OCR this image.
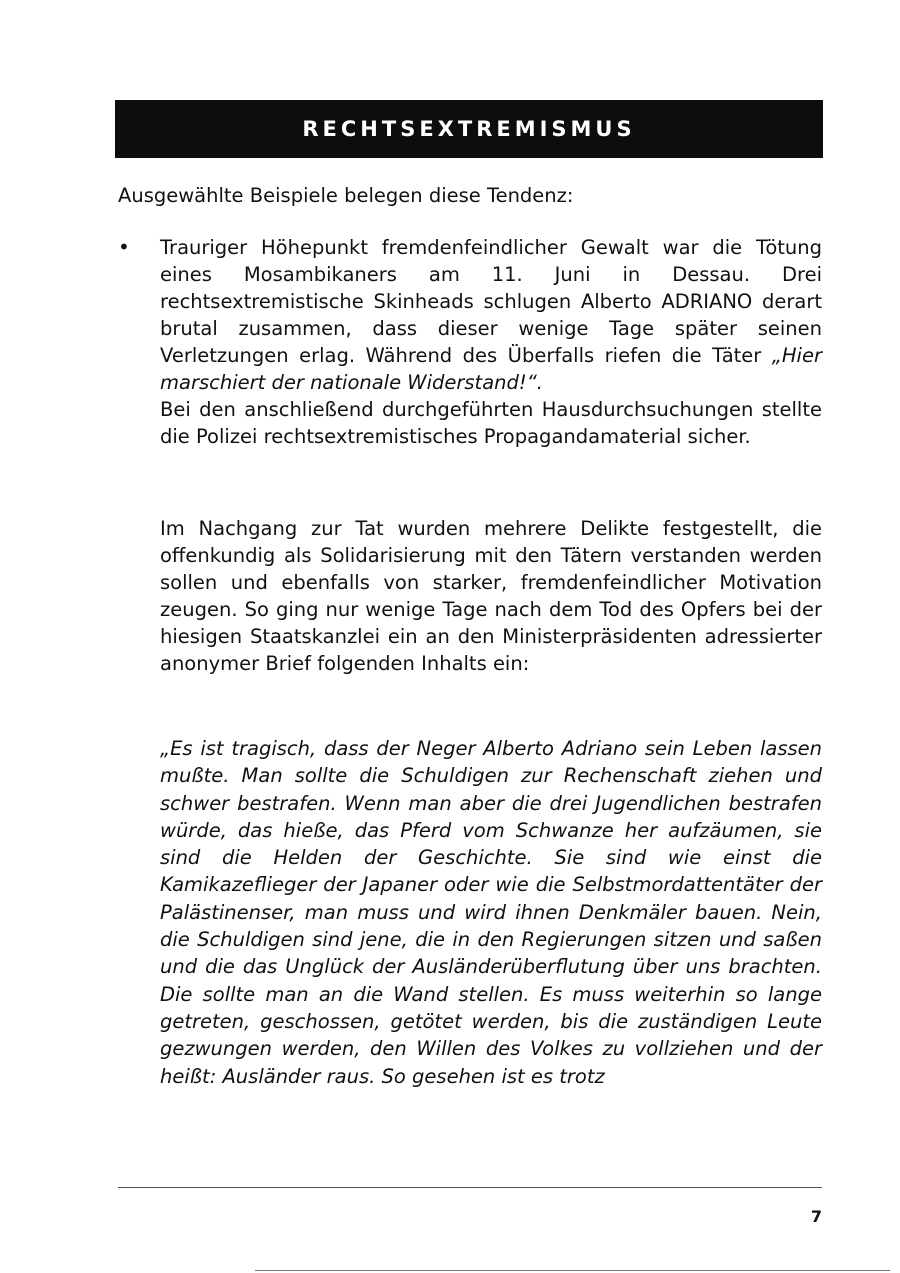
RECHTSEXTREMISMUS
Ausgewählte Beispiele belegen diese Tendenz:
• Trauriger Höhepunkt fremdenfeindlicher Gewalt war die Tötung eines Mosambikaners am 11. Juni in Dessau. Drei rechtsextremistische Skinheads schlugen Alberto ADRIANO derart brutal zusammen, dass dieser wenige Tage später seinen Verletzungen erlag. Während des Überfalls riefen die Täter „Hier marschiert der nationale Widerstand!“.

Bei den anschließend durchgeführten Hausdurchsuchungen stellte die Polizei rechtsextremistisches Propagandamaterial sicher.

Im Nachgang zur Tat wurden mehrere Delikte festgestellt, die offenkundig als Solidarisierung mit den Tätern verstanden werden sollen und ebenfalls von starker, fremdenfeindlicher Motivation zeugen. So ging nur wenige Tage nach dem Tod des Opfers bei der hiesigen Staatskanzlei ein an den Ministerpräsidenten adressierter anonymer Brief folgenden Inhalts ein:
„Es ist tragisch, dass der Neger Alberto Adriano sein Leben lassen mußte. Man sollte die Schuldigen zur Rechenschaft ziehen und schwer bestrafen. Wenn man aber die drei Jugendlichen bestrafen würde, das hieße, das Pferd vom Schwanze her aufzäumen, sie sind die Helden der Geschichte. Sie sind wie einst die Kamikazeflieger der Japaner oder wie die Selbstmordattentäter der Palästinenser, man muss und wird ihnen Denkmäler bauen. Nein, die Schuldigen sind jene, die in den Regierungen sitzen und saßen und die das Unglück der Ausländerüberflutung über uns brachten. Die sollte man an die Wand stellen. Es muss weiterhin so lange getreten, geschossen, getötet werden, bis die zuständigen Leute gezwungen werden, den Willen des Volkes zu vollziehen und der heißt: Ausländer raus. So gesehen ist es trotz
7
